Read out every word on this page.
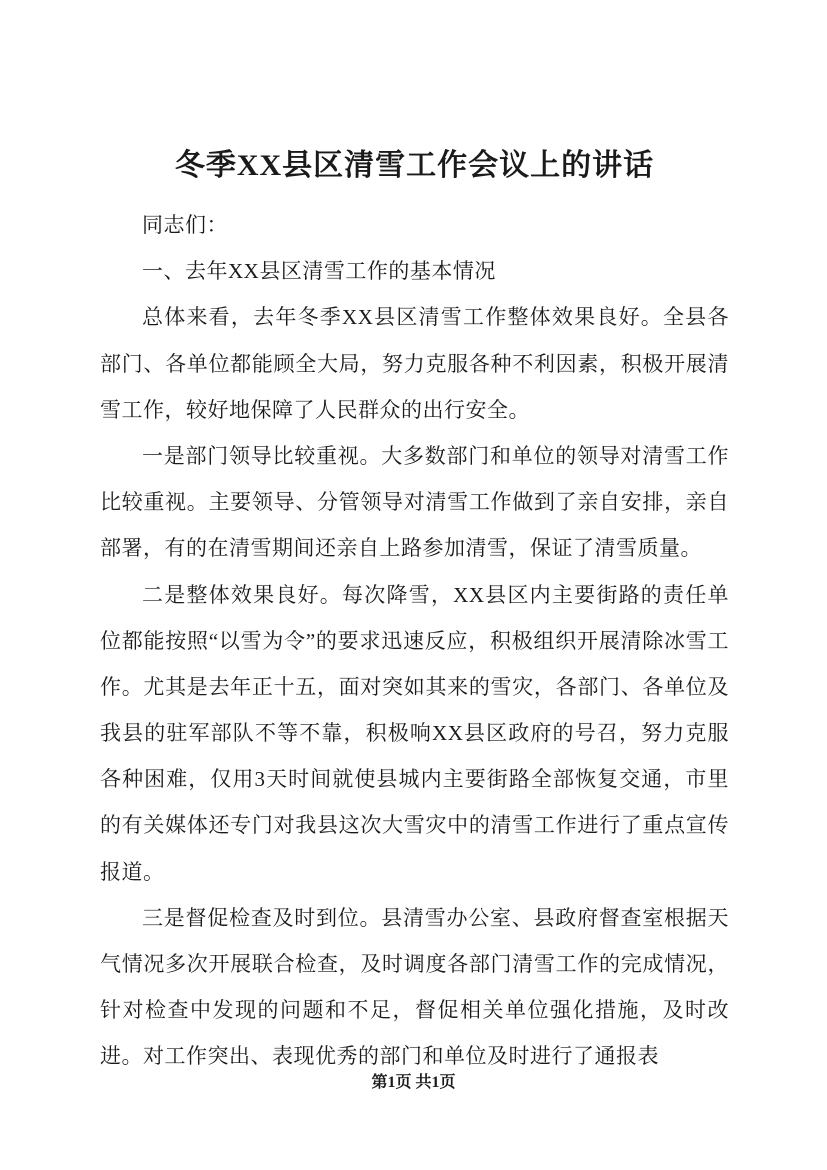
冬季XX县区清雪工作会议上的讲话

同志们：

一、去年XX县区清雪工作的基本情况

总体来看，去年冬季XX县区清雪工作整体效果良好。全县各部门、各单位都能顾全大局，努力克服各种不利因素，积极开展清雪工作，较好地保障了人民群众的出行安全。

一是部门领导比较重视。大多数部门和单位的领导对清雪工作比较重视。主要领导、分管领导对清雪工作做到了亲自安排，亲自部署，有的在清雪期间还亲自上路参加清雪，保证了清雪质量。

二是整体效果良好。每次降雪，XX县区内主要街路的责任单位都能按照“以雪为令”的要求迅速反应，积极组织开展清除冰雪工作。尤其是去年正十五，面对突如其来的雪灾，各部门、各单位及我县的驻军部队不等不靠，积极响XX县区政府的号召，努力克服各种困难，仅用3天时间就使县城内主要街路全部恢复交通，市里的有关媒体还专门对我县这次大雪灾中的清雪工作进行了重点宣传报道。

三是督促检查及时到位。县清雪办公室、县政府督查室根据天气情况多次开展联合检查，及时调度各部门清雪工作的完成情况，针对检查中发现的问题和不足，督促相关单位强化措施，及时改进。对工作突出、表现优秀的部门和单位及时进行了通报表

第1页 共1页
